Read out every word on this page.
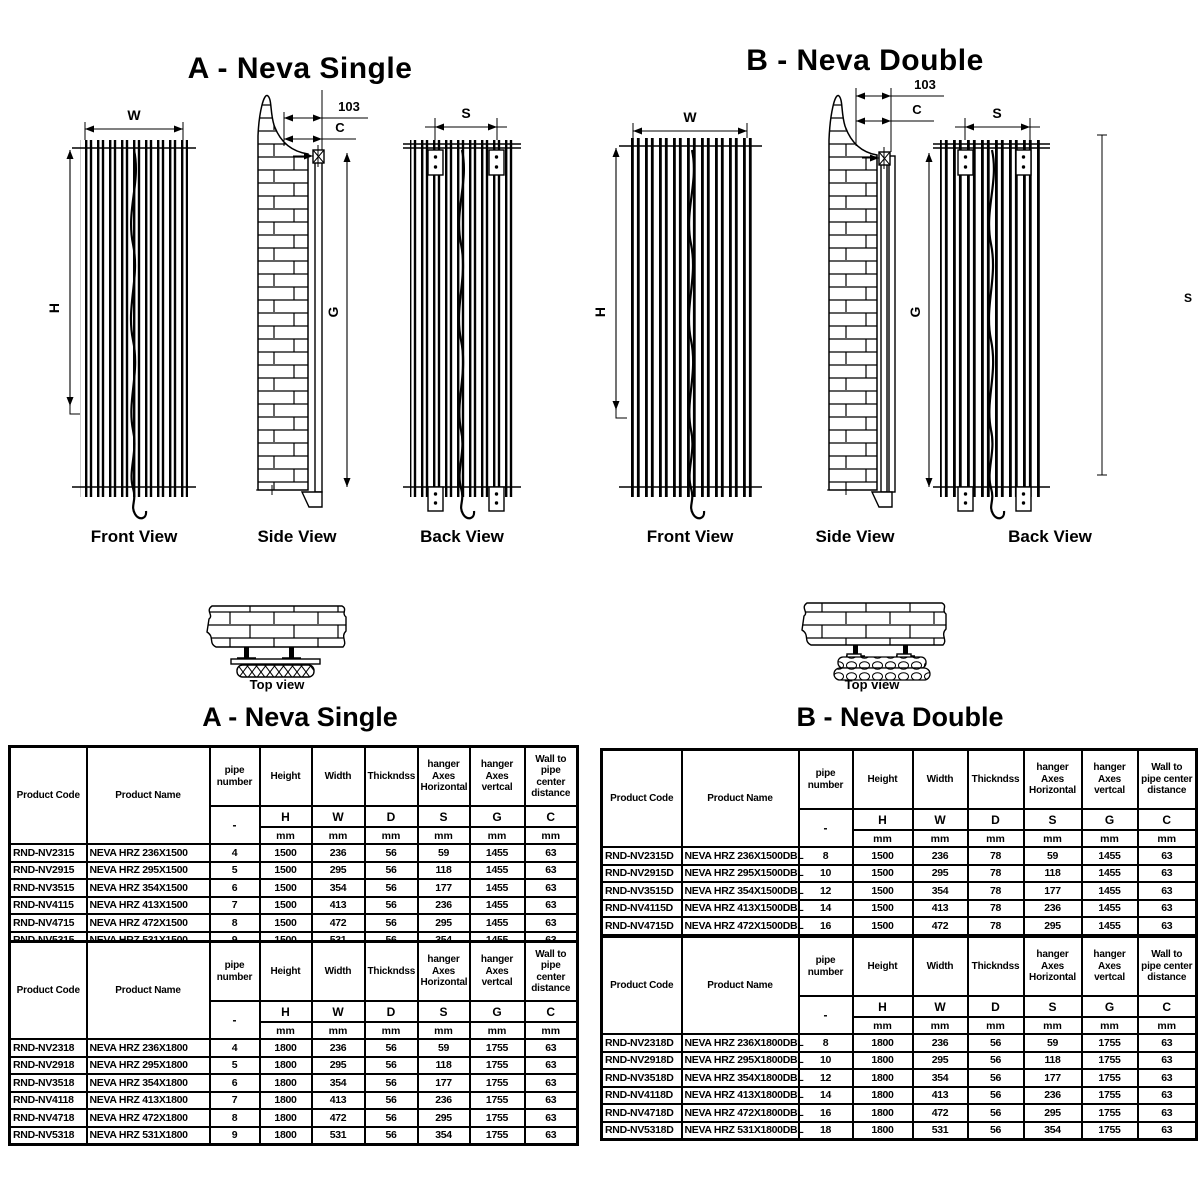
A - Neva Single	B - Neva Double
W
H
Front View
103
C
Side View
S
G
Back View
Top view
W
H
Front View
103
C
Side View
S
G
S
Back View
Top view
A - Neva Single	B - Neva Double
Product Code	Product Name	pipe number	Height	Width	Thickndss	hanger Axes Horizontal	hanger Axes vertcal	Wall to pipe center distance
		-	H	W	D	S	G	C
			mm	mm	mm	mm	mm	mm
RND-NV2315	NEVA HRZ 236X1500	4	1500	236	56	59	1455	63
RND-NV2915	NEVA HRZ 295X1500	5	1500	295	56	118	1455	63
RND-NV3515	NEVA HRZ 354X1500	6	1500	354	56	177	1455	63
RND-NV4115	NEVA HRZ 413X1500	7	1500	413	56	236	1455	63
RND-NV4715	NEVA HRZ 472X1500	8	1500	472	56	295	1455	63

Product Code	Product Name	pipe number	Height	Width	Thickndss	hanger Axes Horizontal	hanger Axes vertcal	Wall to pipe center distance
		-	H	W	D	S	G	C
			mm	mm	mm	mm	mm	mm
RND-NV2318	NEVA HRZ 236X1800	4	1800	236	56	59	1755	63
RND-NV2918	NEVA HRZ 295X1800	5	1800	295	56	118	1755	63
RND-NV3518	NEVA HRZ 354X1800	6	1800	354	56	177	1755	63
RND-NV4118	NEVA HRZ 413X1800	7	1800	413	56	236	1755	63
RND-NV4718	NEVA HRZ 472X1800	8	1800	472	56	295	1755	63
RND-NV5318	NEVA HRZ 531X1800	9	1800	531	56	354	1755	63
Product Code	Product Name	pipe number	Height	Width	Thickndss	hanger Axes Horizontal	hanger Axes vertcal	Wall to pipe center distance
		-	H	W	D	S	G	C
			mm	mm	mm	mm	mm	mm
RND-NV2315D	NEVA HRZ 236X1500DBL	8	1500	236	78	59	1455	63
RND-NV2915D	NEVA HRZ 295X1500DBL	10	1500	295	78	118	1455	63
RND-NV3515D	NEVA HRZ 354X1500DBL	12	1500	354	78	177	1455	63
RND-NV4115D	NEVA HRZ 413X1500DBL	14	1500	413	78	236	1455	63
RND-NV4715D	NEVA HRZ 472X1500DBL	16	1500	472	78	295	1455	63

Product Code	Product Name	pipe number	Height	Width	Thickndss	hanger Axes Horizontal	hanger Axes vertcal	Wall to pipe center distance
		-	H	W	D	S	G	C
			mm	mm	mm	mm	mm	mm
RND-NV2318D	NEVA HRZ 236X1800DBL	8	1800	236	56	59	1755	63
RND-NV2918D	NEVA HRZ 295X1800DBL	10	1800	295	56	118	1755	63
RND-NV3518D	NEVA HRZ 354X1800DBL	12	1800	354	56	177	1755	63
RND-NV4118D	NEVA HRZ 413X1800DBL	14	1800	413	56	236	1755	63
RND-NV4718D	NEVA HRZ 472X1800DBL	16	1800	472	56	295	1755	63
RND-NV5318D	NEVA HRZ 531X1800DBL	18	1800	531	56	354	1755	63
